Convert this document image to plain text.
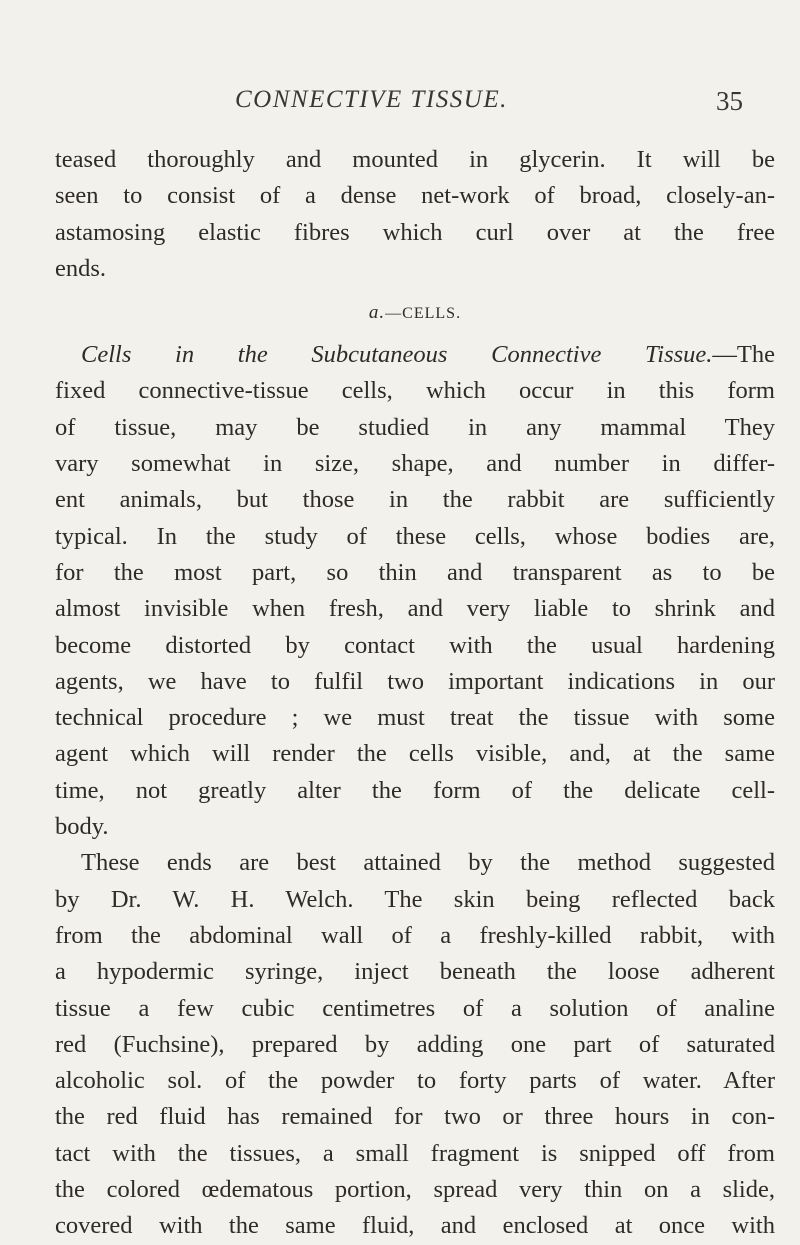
CONNECTIVE TISSUE.	35
teased thoroughly and mounted in glycerin. It will be
seen to consist of a dense net-work of broad, closely-an-
astamosing elastic fibres which curl over at the free
ends.
a.—CELLS.
Cells in the Subcutaneous Connective Tissue.—The
fixed connective-tissue cells, which occur in this form
of tissue, may be studied in any mammal They
vary somewhat in size, shape, and number in differ-
ent animals, but those in the rabbit are sufficiently
typical. In the study of these cells, whose bodies are,
for the most part, so thin and transparent as to be
almost invisible when fresh, and very liable to shrink and
become distorted by contact with the usual hardening
agents, we have to fulfil two important indications in our
technical procedure ; we must treat the tissue with some
agent which will render the cells visible, and, at the same
time, not greatly alter the form of the delicate cell-
body.
These ends are best attained by the method suggested
by Dr. W. H. Welch. The skin being reflected back
from the abdominal wall of a freshly-killed rabbit, with
a hypodermic syringe, inject beneath the loose adherent
tissue a few cubic centimetres of a solution of analine
red (Fuchsine), prepared by adding one part of saturated
alcoholic sol. of the powder to forty parts of water. After
the red fluid has remained for two or three hours in con-
tact with the tissues, a small fragment is snipped off from
the colored œdematous portion, spread very thin on a slide,
covered with the same fluid, and enclosed at once with
